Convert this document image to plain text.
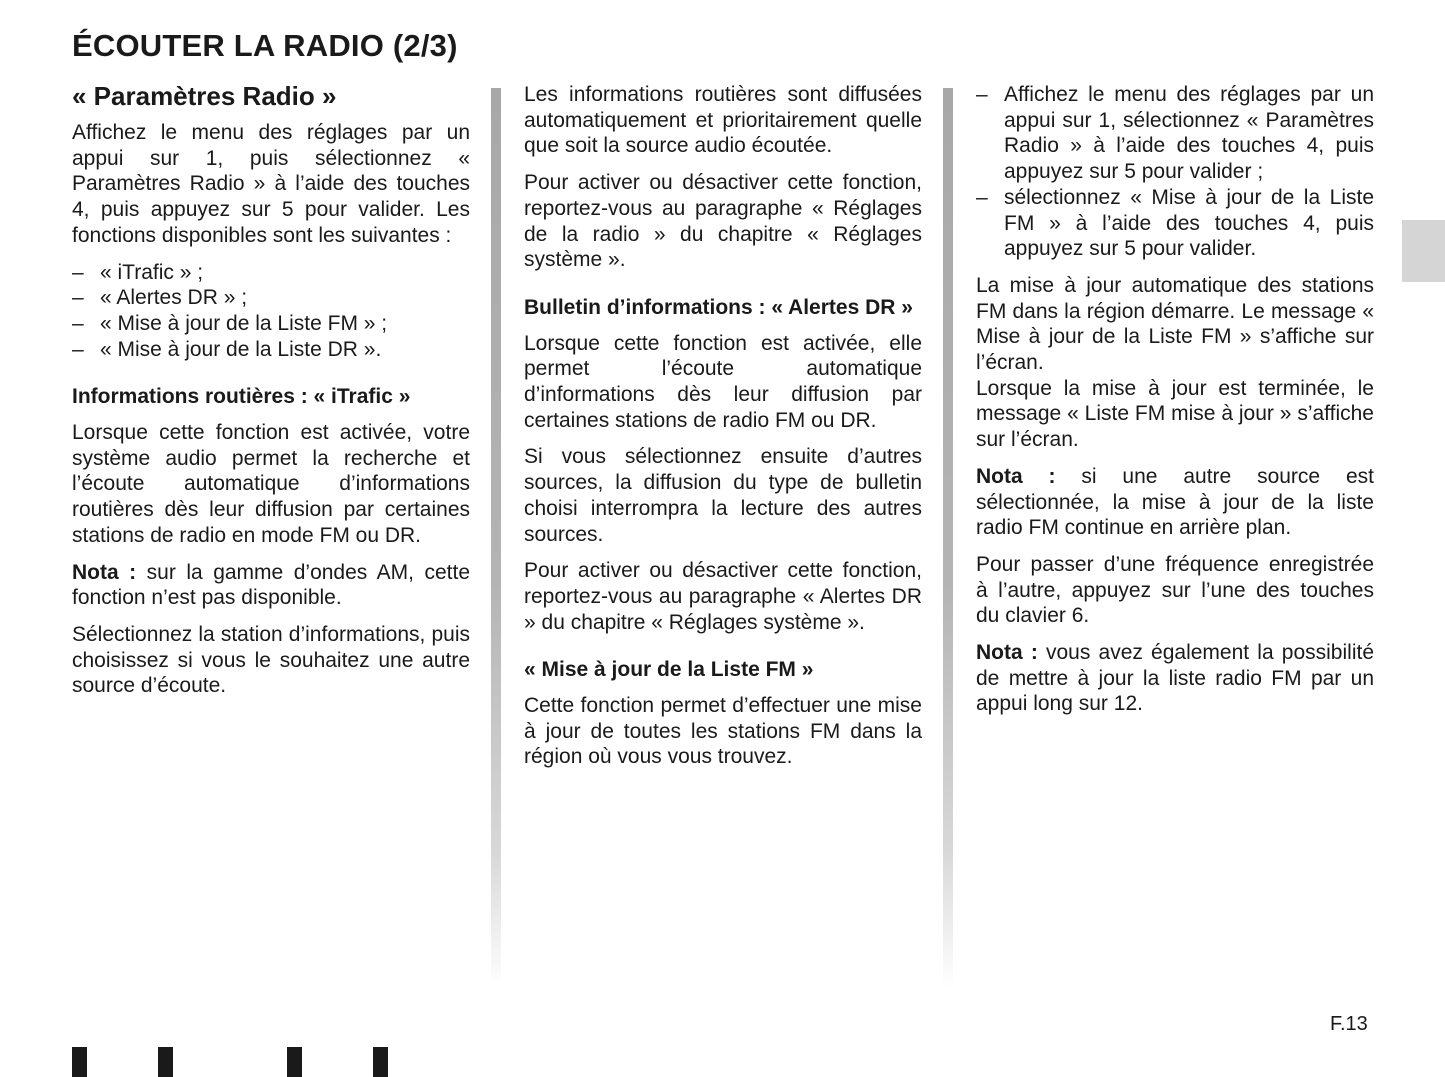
ÉCOUTER LA RADIO (2/3)
« Paramètres Radio »

Affichez le menu des réglages par un appui sur 1, puis sélectionnez « Paramètres Radio » à l’aide des touches 4, puis appuyez sur 5 pour valider. Les fonctions disponibles sont les suivantes :

– « iTrafic » ;
– « Alertes DR » ;
– « Mise à jour de la Liste FM » ;
– « Mise à jour de la Liste DR ».
Informations routières : « iTrafic »

Lorsque cette fonction est activée, votre système audio permet la recherche et l’écoute automatique d’informations routières dès leur diffusion par certaines stations de radio en mode FM ou DR.

Nota : sur la gamme d’ondes AM, cette fonction n’est pas disponible.

Sélectionnez la station d’informations, puis choisissez si vous le souhaitez une autre source d’écoute.

Les informations routières sont diffusées automatiquement et prioritairement quelle que soit la source audio écoutée.

Pour activer ou désactiver cette fonction, reportez-vous au paragraphe « Réglages de la radio » du chapitre « Réglages système ».

Bulletin d’informations : « Alertes DR »

Lorsque cette fonction est activée, elle permet l’écoute automatique d’informations dès leur diffusion par certaines stations de radio FM ou DR.

Si vous sélectionnez ensuite d’autres sources, la diffusion du type de bulletin choisi interrompra la lecture des autres sources.

Pour activer ou désactiver cette fonction, reportez-vous au paragraphe « Alertes DR » du chapitre « Réglages système ».

« Mise à jour de la Liste FM »

Cette fonction permet d’effectuer une mise à jour de toutes les stations FM dans la région où vous vous trouvez.

– Affichez le menu des réglages par un appui sur 1, sélectionnez « Paramètres Radio » à l’aide des touches 4, puis appuyez sur 5 pour valider ;
– sélectionnez « Mise à jour de la Liste FM » à l’aide des touches 4, puis appuyez sur 5 pour valider.

La mise à jour automatique des stations FM dans la région démarre. Le message « Mise à jour de la Liste FM » s’affiche sur l’écran.

Lorsque la mise à jour est terminée, le message « Liste FM mise à jour » s’affiche sur l’écran.

Nota : si une autre source est sélectionnée, la mise à jour de la liste radio FM continue en arrière plan.

Pour passer d’une fréquence enregistrée à l’autre, appuyez sur l’une des touches du clavier 6.

Nota : vous avez également la possibilité de mettre à jour la liste radio FM par un appui long sur 12.

F.13
